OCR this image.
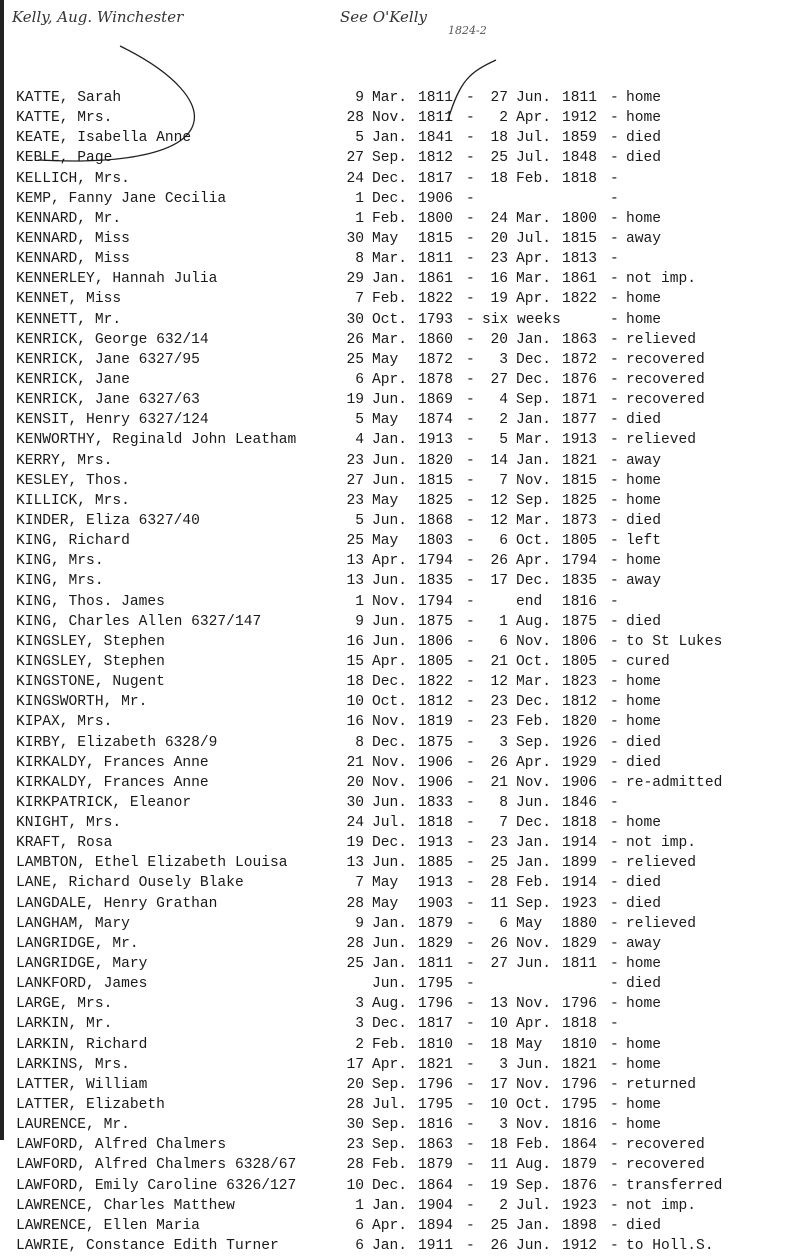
Kelly, Aug. Winchester	See O'Kelly
1824-2
KATTE, Sarah	9 Mar. 1811 -	27 Jun. 1811 - home
KATTE, Mrs.	28 Nov. 1811 -	2 Apr. 1912 - home
KEATE, Isabella Anne	5 Jan. 1841 -	18 Jul. 1859 - died
KEBLE, Page	27 Sep. 1812 -	25 Jul. 1848 - died
KELLICH, Mrs.	24 Dec. 1817 -	18 Feb. 1818 -
KEMP, Fanny Jane Cecilia	1 Dec. 1906 -	-
KENNARD, Mr.	1 Feb. 1800 -	24 Mar. 1800 - home
KENNARD, Miss	30 May 1815 -	20 Jul. 1815 - away
KENNARD, Miss	8 Mar. 1811 -	23 Apr. 1813 -
KENNERLEY, Hannah Julia	29 Jan. 1861 -	16 Mar. 1861 - not imp.
KENNET, Miss	7 Feb. 1822 -	19 Apr. 1822 - home
KENNETT, Mr.	30 Oct. 1793 - six weeks	- home
KENRICK, George 632/14	26 Mar. 1860 -	20 Jan. 1863 - relieved
KENRICK, Jane 6327/95	25 May 1872 -	3 Dec. 1872 - recovered
KENRICK, Jane	6 Apr. 1878 -	27 Dec. 1876 - recovered
KENRICK, Jane 6327/63	19 Jun. 1869 -	4 Sep. 1871 - recovered
KENSIT, Henry 6327/124	5 May 1874 -	2 Jan. 1877 - died
KENWORTHY, Reginald John Leatham	4 Jan. 1913 -	5 Mar. 1913 - relieved
KERRY, Mrs.	23 Jun. 1820 -	14 Jan. 1821 - away
KESLEY, Thos.	27 Jun. 1815 -	7 Nov. 1815 - home
KILLICK, Mrs.	23 May 1825 -	12 Sep. 1825 - home
KINDER, Eliza 6327/40	5 Jun. 1868 -	12 Mar. 1873 - died
KING, Richard	25 May 1803 -	6 Oct. 1805 - left
KING, Mrs.	13 Apr. 1794 -	26 Apr. 1794 - home
KING, Mrs.	13 Jun. 1835 -	17 Dec. 1835 - away
KING, Thos. James	1 Nov. 1794 -	end 1816 -
KING, Charles Allen 6327/147	9 Jun. 1875 -	1 Aug. 1875 - died
KINGSLEY, Stephen	16 Jun. 1806 -	6 Nov. 1806 - to St Lukes
KINGSLEY, Stephen	15 Apr. 1805 -	21 Oct. 1805 - cured
KINGSTONE, Nugent	18 Dec. 1822 -	12 Mar. 1823 - home
KINGSWORTH, Mr.	10 Oct. 1812 -	23 Dec. 1812 - home
KIPAX, Mrs.	16 Nov. 1819 -	23 Feb. 1820 - home
KIRBY, Elizabeth 6328/9	8 Dec. 1875 -	3 Sep. 1926 - died
KIRKALDY, Frances Anne	21 Nov. 1906 -	26 Apr. 1929 - died
KIRKALDY, Frances Anne	20 Nov. 1906 -	21 Nov. 1906 - re-admitted
KIRKPATRICK, Eleanor	30 Jun. 1833 -	8 Jun. 1846 -
KNIGHT, Mrs.	24 Jul. 1818 -	7 Dec. 1818 - home
KRAFT, Rosa	19 Dec. 1913 -	23 Jan. 1914 - not imp.
LAMBTON, Ethel Elizabeth Louisa	13 Jun. 1885 -	25 Jan. 1899 - relieved
LANE, Richard Ousely Blake	7 May 1913 -	28 Feb. 1914 - died
LANGDALE, Henry Grathan	28 May 1903 -	11 Sep. 1923 - died
LANGHAM, Mary	9 Jan. 1879 -	6 May 1880 - relieved
LANGRIDGE, Mr.	28 Jun. 1829 -	26 Nov. 1829 - away
LANGRIDGE, Mary	25 Jan. 1811 -	27 Jun. 1811 - home
LANKFORD, James	Jun. 1795 -	- died
LARGE, Mrs.	3 Aug. 1796 -	13 Nov. 1796 - home
LARKIN, Mr.	3 Dec. 1817 -	10 Apr. 1818 -
LARKIN, Richard	2 Feb. 1810 -	18 May 1810 - home
LARKINS, Mrs.	17 Apr. 1821 -	3 Jun. 1821 - home
LATTER, William	20 Sep. 1796 -	17 Nov. 1796 - returned
LATTER, Elizabeth	28 Jul. 1795 -	10 Oct. 1795 - home
LAURENCE, Mr.	30 Sep. 1816 -	3 Nov. 1816 - home
LAWFORD, Alfred Chalmers	23 Sep. 1863 -	18 Feb. 1864 - recovered
LAWFORD, Alfred Chalmers 6328/67	28 Feb. 1879 -	11 Aug. 1879 - recovered
LAWFORD, Emily Caroline 6326/127	10 Dec. 1864 -	19 Sep. 1876 - transferred
LAWRENCE, Charles Matthew	1 Jan. 1904 -	2 Jul. 1923 - not imp.
LAWRENCE, Ellen Maria	6 Apr. 1894 -	25 Jan. 1898 - died
LAWRIE, Constance Edith Turner	6 Jan. 1911 -	26 Jun. 1912 - to Holl.S.
